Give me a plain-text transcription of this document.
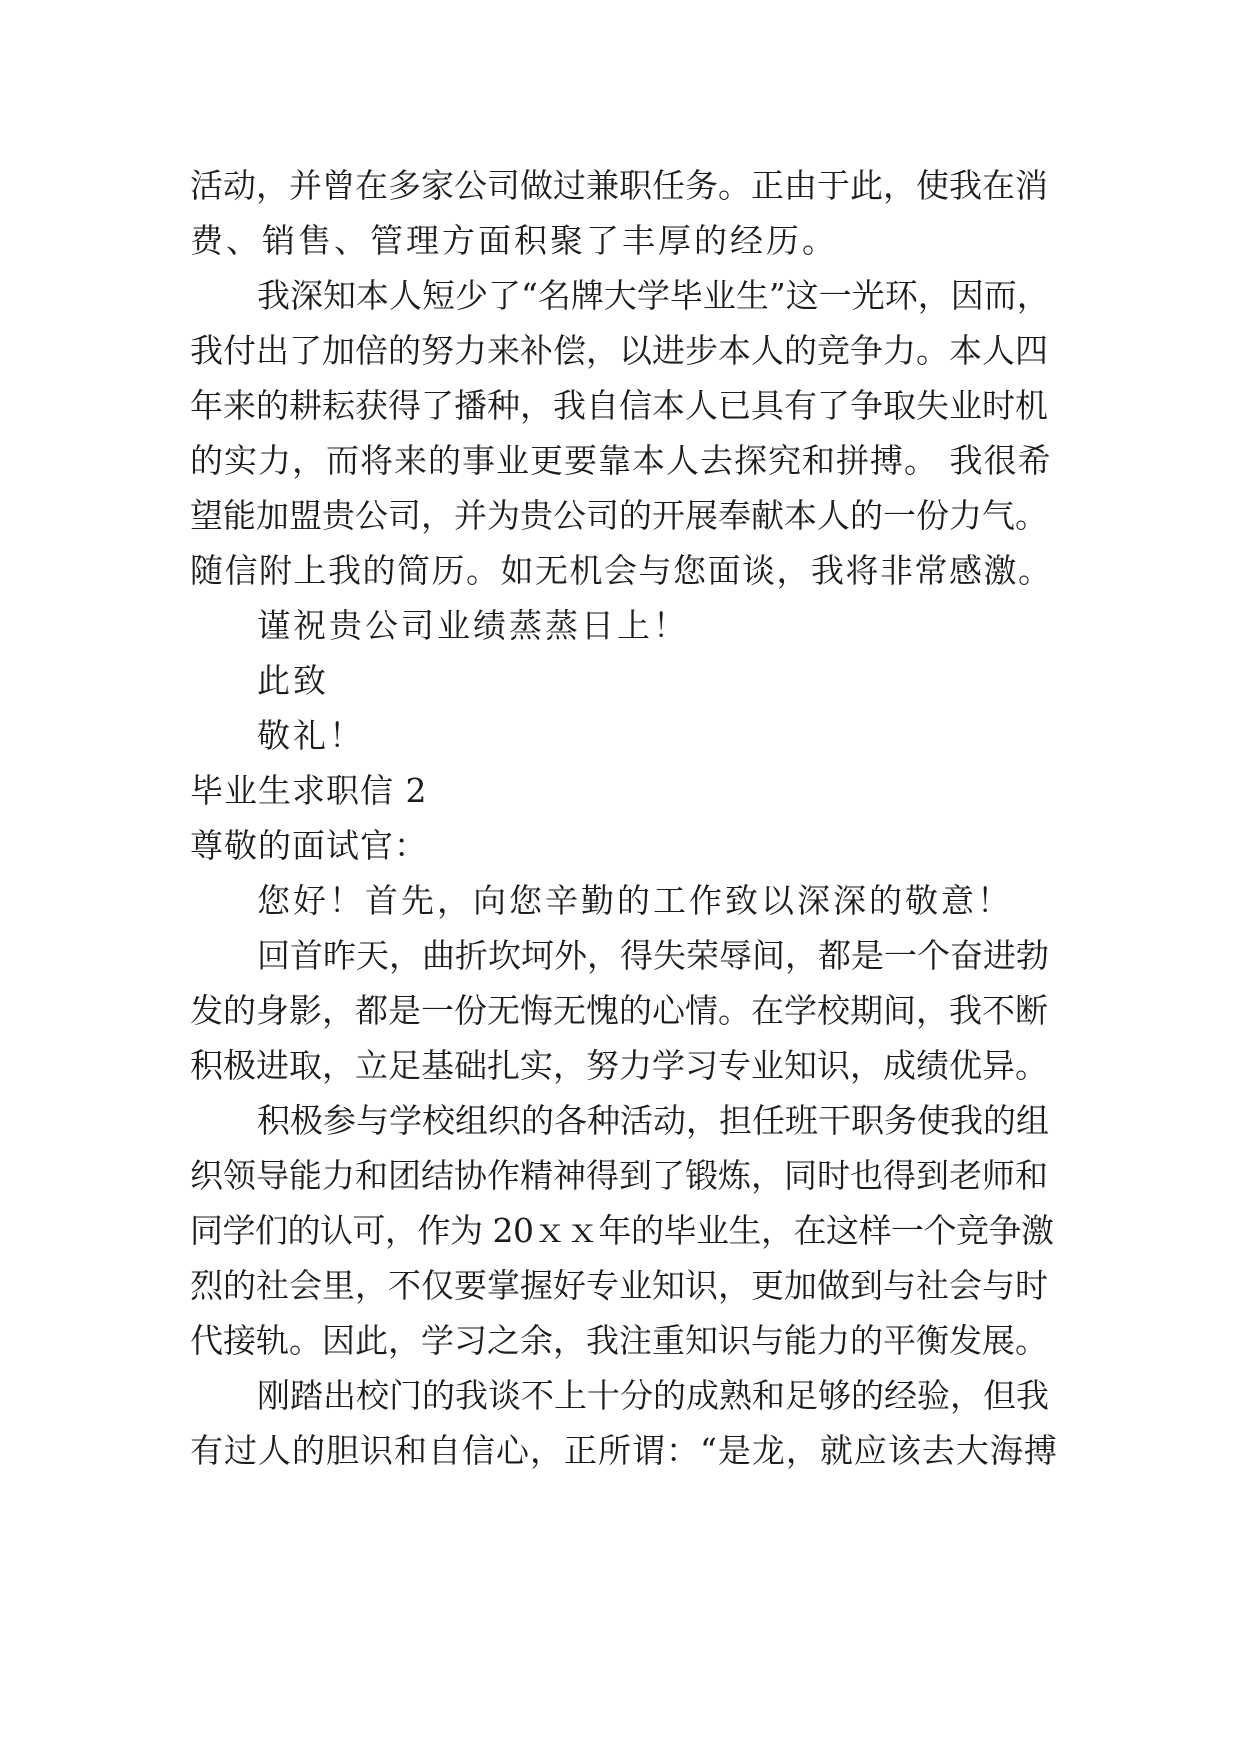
活动，并曾在多家公司做过兼职任务。正由于此，使我在消
费、销售、管理方面积聚了丰厚的经历。
我深知本人短少了“名牌大学毕业生”这一光环，因而，
我付出了加倍的努力来补偿，以进步本人的竞争力。本人四
年来的耕耘获得了播种，我自信本人已具有了争取失业时机
的实力，而将来的事业更要靠本人去探究和拼搏。 我很希
望能加盟贵公司，并为贵公司的开展奉献本人的一份力气。
随信附上我的简历。如无机会与您面谈，我将非常感激。
谨祝贵公司业绩蒸蒸日上！
此致
敬礼！
毕业生求职信 2
尊敬的面试官：
您好！首先，向您辛勤的工作致以深深的敬意！
回首昨天，曲折坎坷外，得失荣辱间，都是一个奋进勃
发的身影，都是一份无悔无愧的心情。在学校期间，我不断
积极进取，立足基础扎实，努力学习专业知识，成绩优异。
积极参与学校组织的各种活动，担任班干职务使我的组
织领导能力和团结协作精神得到了锻炼，同时也得到老师和
同学们的认可，作为 20ｘｘ年的毕业生，在这样一个竞争激
烈的社会里，不仅要掌握好专业知识，更加做到与社会与时
代接轨。因此，学习之余，我注重知识与能力的平衡发展。
刚踏出校门的我谈不上十分的成熟和足够的经验，但我
有过人的胆识和自信心，正所谓：“是龙，就应该去大海搏
